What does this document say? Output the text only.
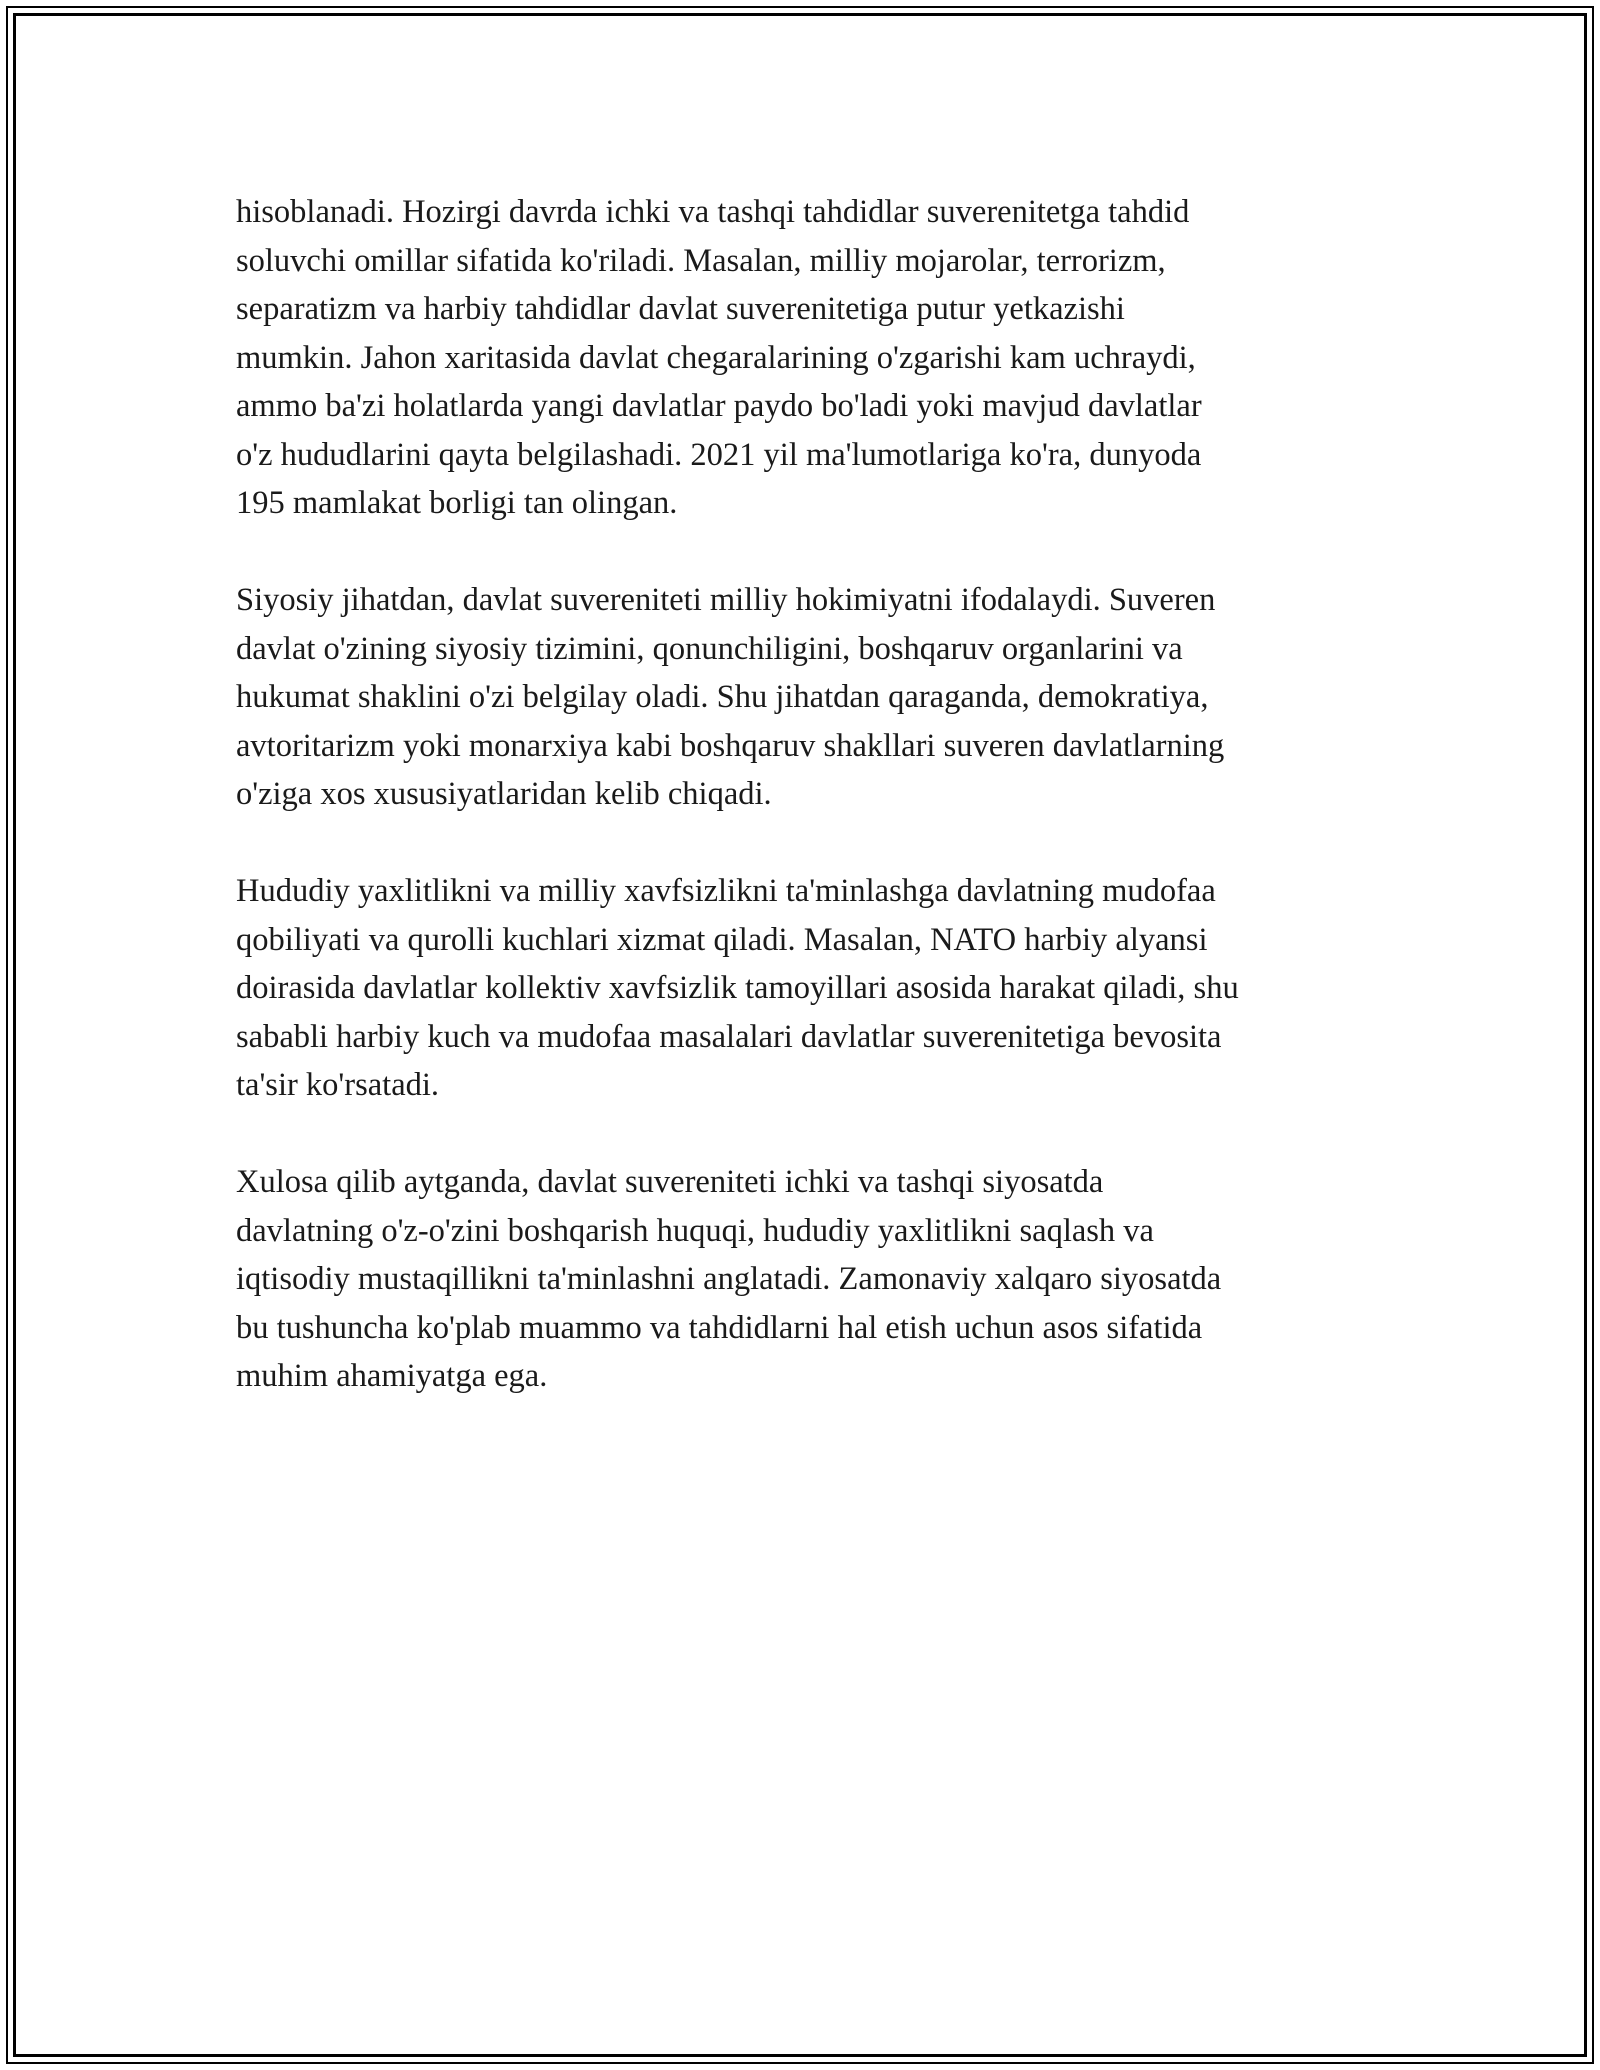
hisoblanadi. Hozirgi davrda ichki va tashqi tahdidlar suverenitetga tahdid
soluvchi omillar sifatida ko'riladi. Masalan, milliy mojarolar, terrorizm,
separatizm va harbiy tahdidlar davlat suverenitetiga putur yetkazishi
mumkin. Jahon xaritasida davlat chegaralarining o'zgarishi kam uchraydi,
ammo ba'zi holatlarda yangi davlatlar paydo bo'ladi yoki mavjud davlatlar
o'z hududlarini qayta belgilashadi. 2021 yil ma'lumotlariga ko'ra, dunyoda
195 mamlakat borligi tan olingan.

Siyosiy jihatdan, davlat suvereniteti milliy hokimiyatni ifodalaydi. Suveren
davlat o'zining siyosiy tizimini, qonunchiligini, boshqaruv organlarini va
hukumat shaklini o'zi belgilay oladi. Shu jihatdan qaraganda, demokratiya,
avtoritarizm yoki monarxiya kabi boshqaruv shakllari suveren davlatlarning
o'ziga xos xususiyatlaridan kelib chiqadi.

Hududiy yaxlitlikni va milliy xavfsizlikni ta'minlashga davlatning mudofaa
qobiliyati va qurolli kuchlari xizmat qiladi. Masalan, NATO harbiy alyansi
doirasida davlatlar kollektiv xavfsizlik tamoyillari asosida harakat qiladi, shu
sababli harbiy kuch va mudofaa masalalari davlatlar suverenitetiga bevosita
ta'sir ko'rsatadi.

Xulosa qilib aytganda, davlat suvereniteti ichki va tashqi siyosatda
davlatning o'z-o'zini boshqarish huquqi, hududiy yaxlitlikni saqlash va
iqtisodiy mustaqillikni ta'minlashni anglatadi. Zamonaviy xalqaro siyosatda
bu tushuncha ko'plab muammo va tahdidlarni hal etish uchun asos sifatida
muhim ahamiyatga ega.
